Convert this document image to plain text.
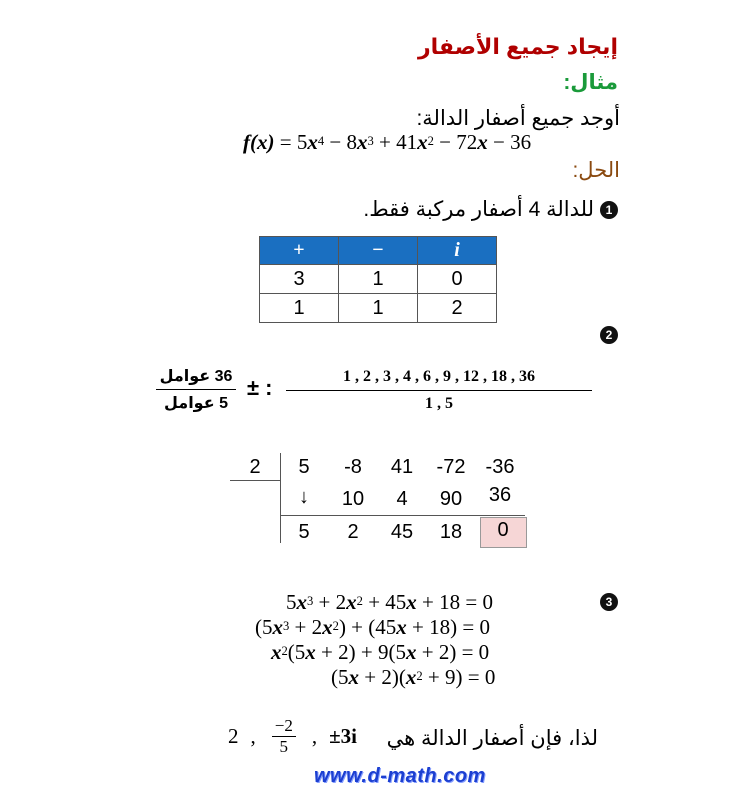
إيجاد جميع الأصفار
مثال:
أوجد جميع أصفار الدالة:
$f(x) = 5x^4 - 8x^3 + 41x^2 - 72x - 36$
الحل:
1
للدالة 4 أصفار مركبة فقط.
+	−	i
3	1	0
1	1	2
2
36 عوامل
5 عوامل
± :	1 , 2 , 3 , 4 , 6 , 9 , 12 , 18 , 36
1 , 5
2	5	-8	41	-72	-36
↓	10	4	90	36
5	2	45	18	0
3
$5x^3 + 2x^2 + 45x + 18 = 0$
$(5x^3 + 2x^2) + (45x + 18) = 0$
$x^2(5x + 2) + 9(5x + 2) = 0$
$(5x + 2)(x^2 + 9) = 0$
لذا، فإن أصفار الدالة هي
2 , $\frac{-2}{5}$ , ±3i
www.d-math.com
